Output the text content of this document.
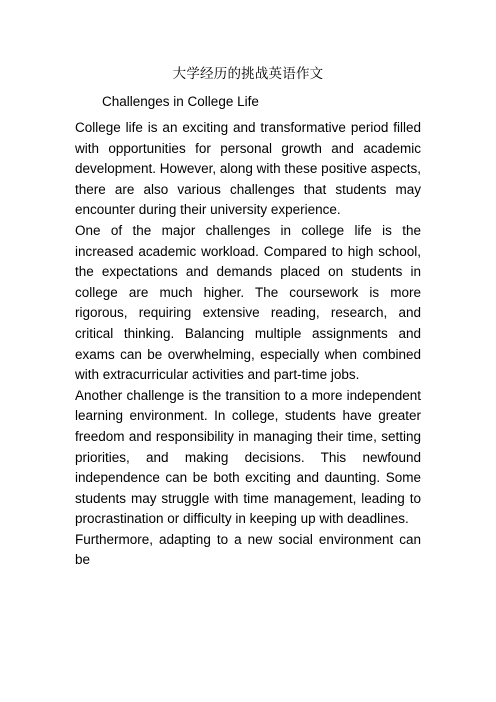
大学经历的挑战英语作文
Challenges in College Life

College life is an exciting and transformative period filled with opportunities for personal growth and academic development. However, along with these positive aspects, there are also various challenges that students may encounter during their university experience.

One of the major challenges in college life is the increased academic workload. Compared to high school, the expectations and demands placed on students in college are much higher. The coursework is more rigorous, requiring extensive reading, research, and critical thinking. Balancing multiple assignments and exams can be overwhelming, especially when combined with extracurricular activities and part-time jobs.

Another challenge is the transition to a more independent learning environment. In college, students have greater freedom and responsibility in managing their time, setting priorities, and making decisions. This newfound independence can be both exciting and daunting. Some students may struggle with time management, leading to procrastination or difficulty in keeping up with deadlines.

Furthermore, adapting to a new social environment can be
